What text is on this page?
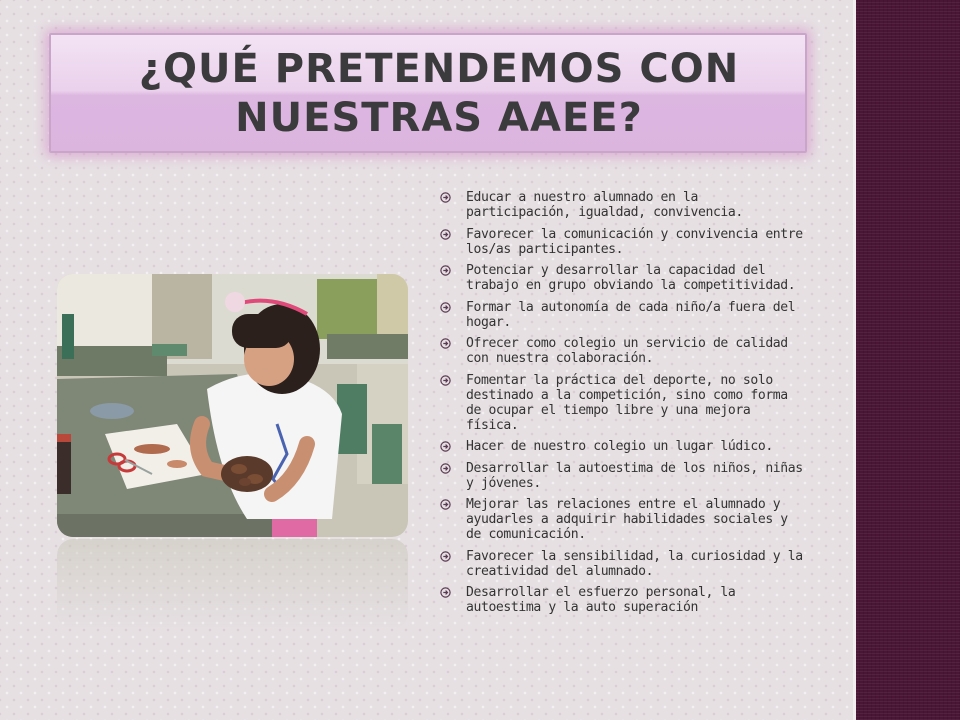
¿QUÉ PRETENDEMOS CON
NUESTRAS AAEE?
Educar a nuestro alumnado en la participación, igualdad, convivencia.
Favorecer la comunicación y convivencia entre los/as participantes.
Potenciar y desarrollar la capacidad del trabajo en grupo obviando la competitividad.
Formar la autonomía de cada niño/a fuera del hogar.
Ofrecer como colegio un servicio de calidad con nuestra colaboración.
Fomentar la práctica del deporte, no solo destinado a la competición, sino como forma de ocupar el tiempo libre y una mejora física.
Hacer de nuestro colegio un lugar lúdico.
Desarrollar la autoestima de los niños, niñas y jóvenes.
Mejorar las relaciones entre el alumnado y ayudarles a adquirir habilidades sociales y de comunicación.
Favorecer la sensibilidad, la curiosidad y la creatividad del alumnado.
Desarrollar el esfuerzo personal, la autoestima y la auto superación
